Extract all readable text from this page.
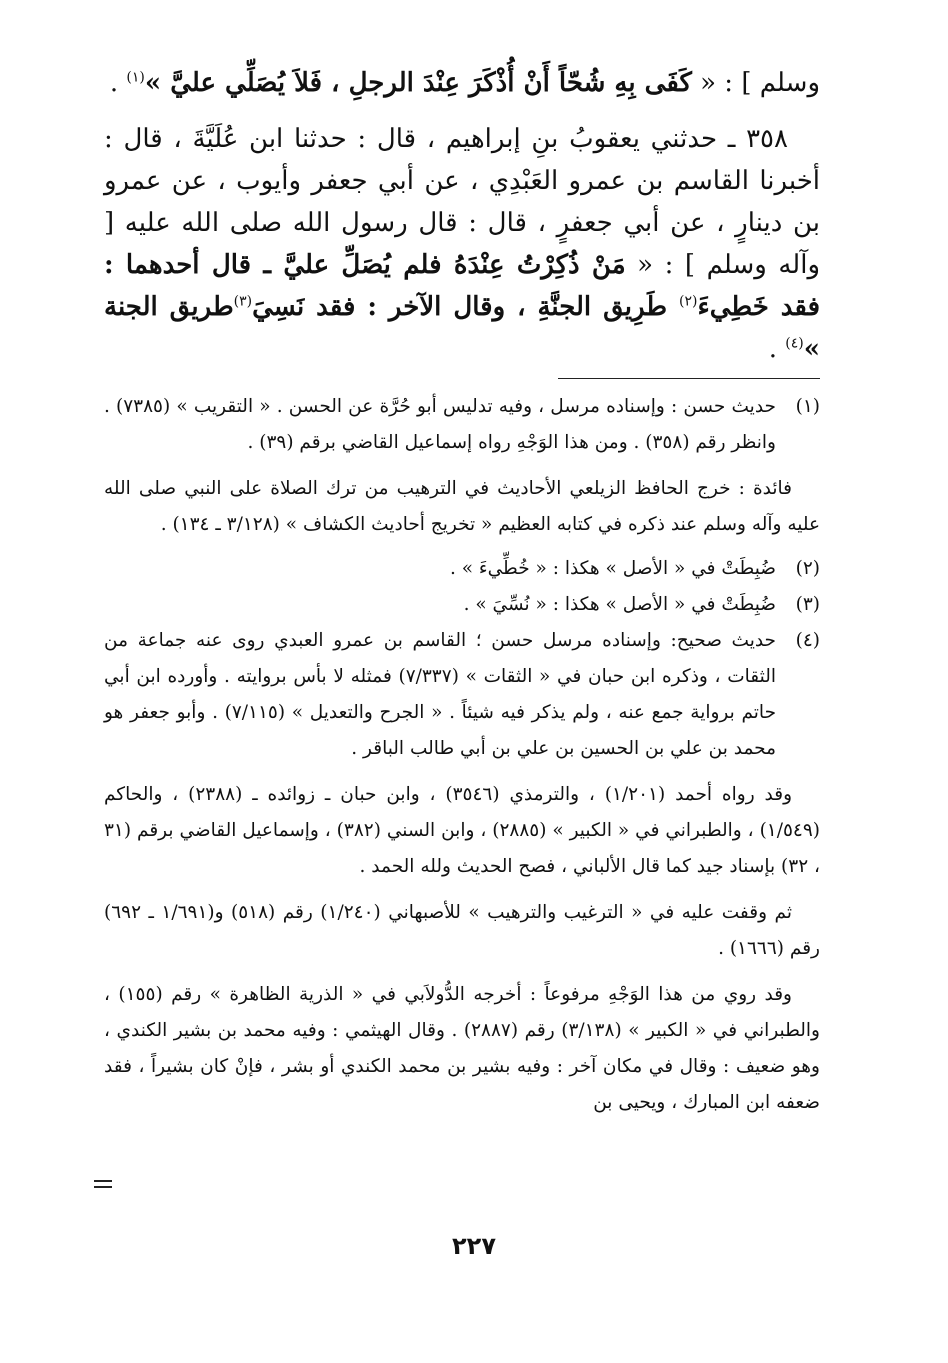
وسلم ] : « كَفَى بِهِ شُحّاً أَنْ أُذْكَرَ عِنْدَ الرجلِ ، فَلاَ يُصَلِّي عليَّ »$^{(١)}$ .

٣٥٨ ـ حدثني يعقوبُ بنِ إبراهيم ، قال : حدثنا ابن عُلَيَّةَ ، قال : أخبرنا القاسم بن عمرو العَبْدِي ، عن أبي جعفر وأيوب ، عن عمرو بن دينارٍ ، عن أبي جعفرٍ ، قال : قال رسول الله صلى الله عليه [ وآله وسلم ] : « مَنْ ذُكِرْتُ عِنْدَهُ فلم يُصَلِّ عليَّ ـ قال أحدهما : فقد خَطِيءَ$^{(٢)}$ طَرِيق الجنَّةِ ، وقال الآخر : فقد نَسِيَ$^{(٣)}$طريق الجنة »$^{(٤)}$ .

(١)
حديث حسن : وإسناده مرسل ، وفيه تدليس أبو حُرَّة عن الحسن . « التقريب » (٧٣٨٥) . وانظر رقم (٣٥٨) . ومن هذا الوَجْهِ رواه إسماعيل القاضي برقم (٣٩) .
فائدة : خرج الحافظ الزيلعي الأحاديث في الترهيب من ترك الصلاة على النبي صلى الله عليه وآله وسلم عند ذكره في كتابه العظيم « تخريج أحاديث الكشاف » (٣/١٢٨ ـ ١٣٤) .
(٢)
ضُبِطَتْ في « الأصل » هكذا : « خُطِّيءَ » .
(٣)
ضُبِطَتْ في « الأصل » هكذا : « نُسِّيَ » .
(٤)
حديث صحيح: وإسناده مرسل حسن ؛ القاسم بن عمرو العبدي روى عنه جماعة من الثقات ، وذكره ابن حبان في « الثقات » (٧/٣٣٧) فمثله لا بأس بروايته . وأورده ابن أبي حاتم برواية جمع عنه ، ولم يذكر فيه شيئاً . « الجرح والتعديل » (٧/١١٥) . وأبو جعفر هو محمد بن علي بن الحسين بن علي بن أبي طالب الباقر .
وقد رواه أحمد (١/٢٠١) ، والترمذي (٣٥٤٦) ، وابن حبان ـ زوائده ـ (٢٣٨٨) ، والحاكم (١/٥٤٩) ، والطبراني في « الكبير » (٢٨٨٥) ، وابن السني (٣٨٢) ، وإسماعيل القاضي برقم (٣١ ، ٣٢) بإسناد جيد كما قال الألباني ، فصح الحديث ولله الحمد .
ثم وقفت عليه في « الترغيب والترهيب » للأصبهاني (١/٢٤٠) رقم (٥١٨) و(١/٦٩١ ـ ٦٩٢) رقم (١٦٦٦) .
وقد روي من هذا الوَجْهِ مرفوعاً : أخرجه الدُّولاَبي في « الذرية الظاهرة » رقم (١٥٥) ، والطبراني في « الكبير » (٣/١٣٨) رقم (٢٨٨٧) . وقال الهيثمي : وفيه محمد بن بشير الكندي ، وهو ضعيف : وقال في مكان آخر : وفيه بشير بن محمد الكندي أو بشر ، فإنْ كان بشيراً ، فقد ضعفه ابن المبارك ، ويحيى بن
٢٢٧
